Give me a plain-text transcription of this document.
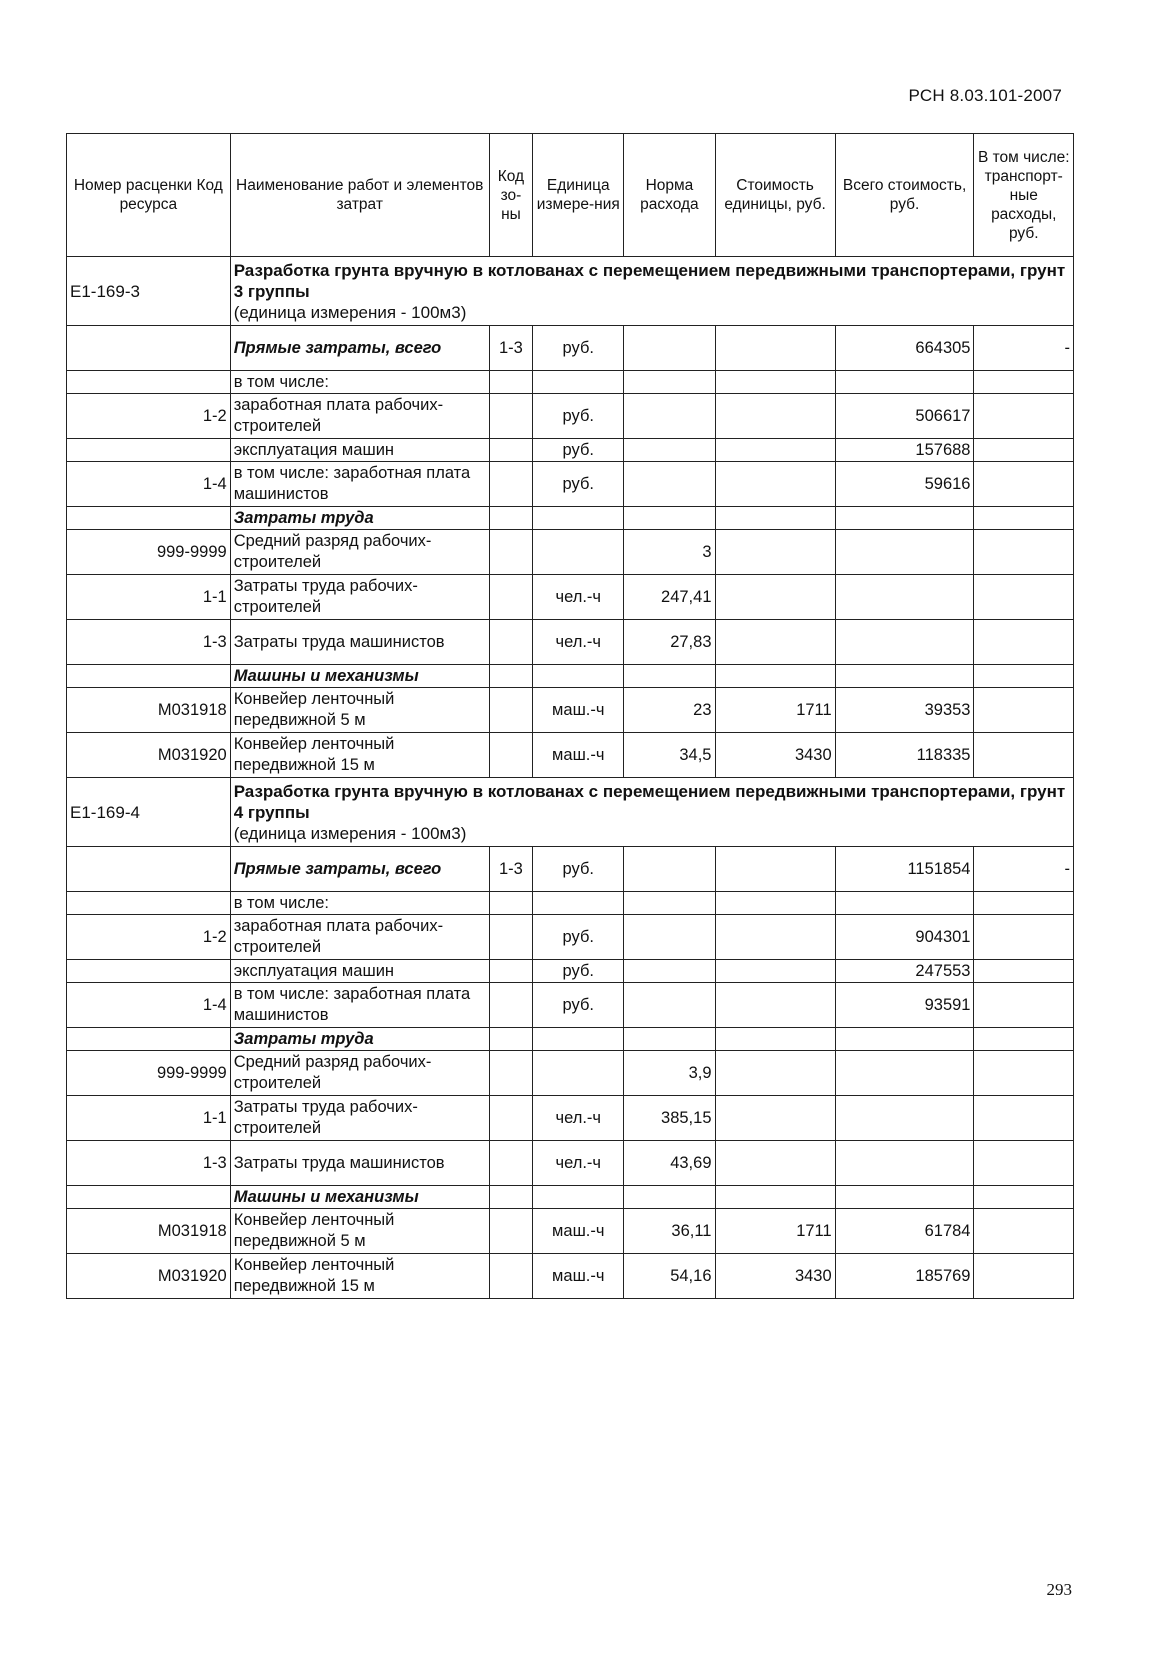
РСН 8.03.101-2007
Номер расценки Код ресурса	Наименование работ и элементов затрат	Код зо-ны	Единица измере-ния	Норма расхода	Стоимость единицы, руб.	Всего стоимость, руб.	В том числе: транспорт-ные расходы, руб.
Е1-169-3	Разработка грунта вручную в котлованах с перемещением передвижными транспортерами, грунт 3 группы
(единица измерения - 100м3)						

	Прямые затраты, всего	1-3	руб.			664305	-
	в том числе:						
1-2	заработная плата рабочих-строителей		руб.			506617	
	эксплуатация машин		руб.			157688	
1-4	в том числе: заработная плата машинистов		руб.			59616	
	Затраты труда						
999-9999	Средний разряд рабочих-строителей			3			
1-1	Затраты труда рабочих-строителей		чел.-ч	247,41			
1-3	Затраты труда машинистов		чел.-ч	27,83			
	Машины и механизмы						
М031918	Конвейер ленточный передвижной 5 м		маш.-ч	23	1711	39353	
М031920	Конвейер ленточный передвижной 15 м		маш.-ч	34,5	3430	118335	
Е1-169-4	Разработка грунта вручную в котлованах с перемещением передвижными транспортерами, грунт 4 группы
(единица измерения - 100м3)						

	Прямые затраты, всего	1-3	руб.			1151854	-
	в том числе:						
1-2	заработная плата рабочих-строителей		руб.			904301	
	эксплуатация машин		руб.			247553	
1-4	в том числе: заработная плата машинистов		руб.			93591	
	Затраты труда						
999-9999	Средний разряд рабочих-строителей			3,9			
1-1	Затраты труда рабочих-строителей		чел.-ч	385,15			
1-3	Затраты труда машинистов		чел.-ч	43,69			
	Машины и механизмы						
М031918	Конвейер ленточный передвижной 5 м		маш.-ч	36,11	1711	61784	
М031920	Конвейер ленточный передвижной 15 м		маш.-ч	54,16	3430	185769	
293
